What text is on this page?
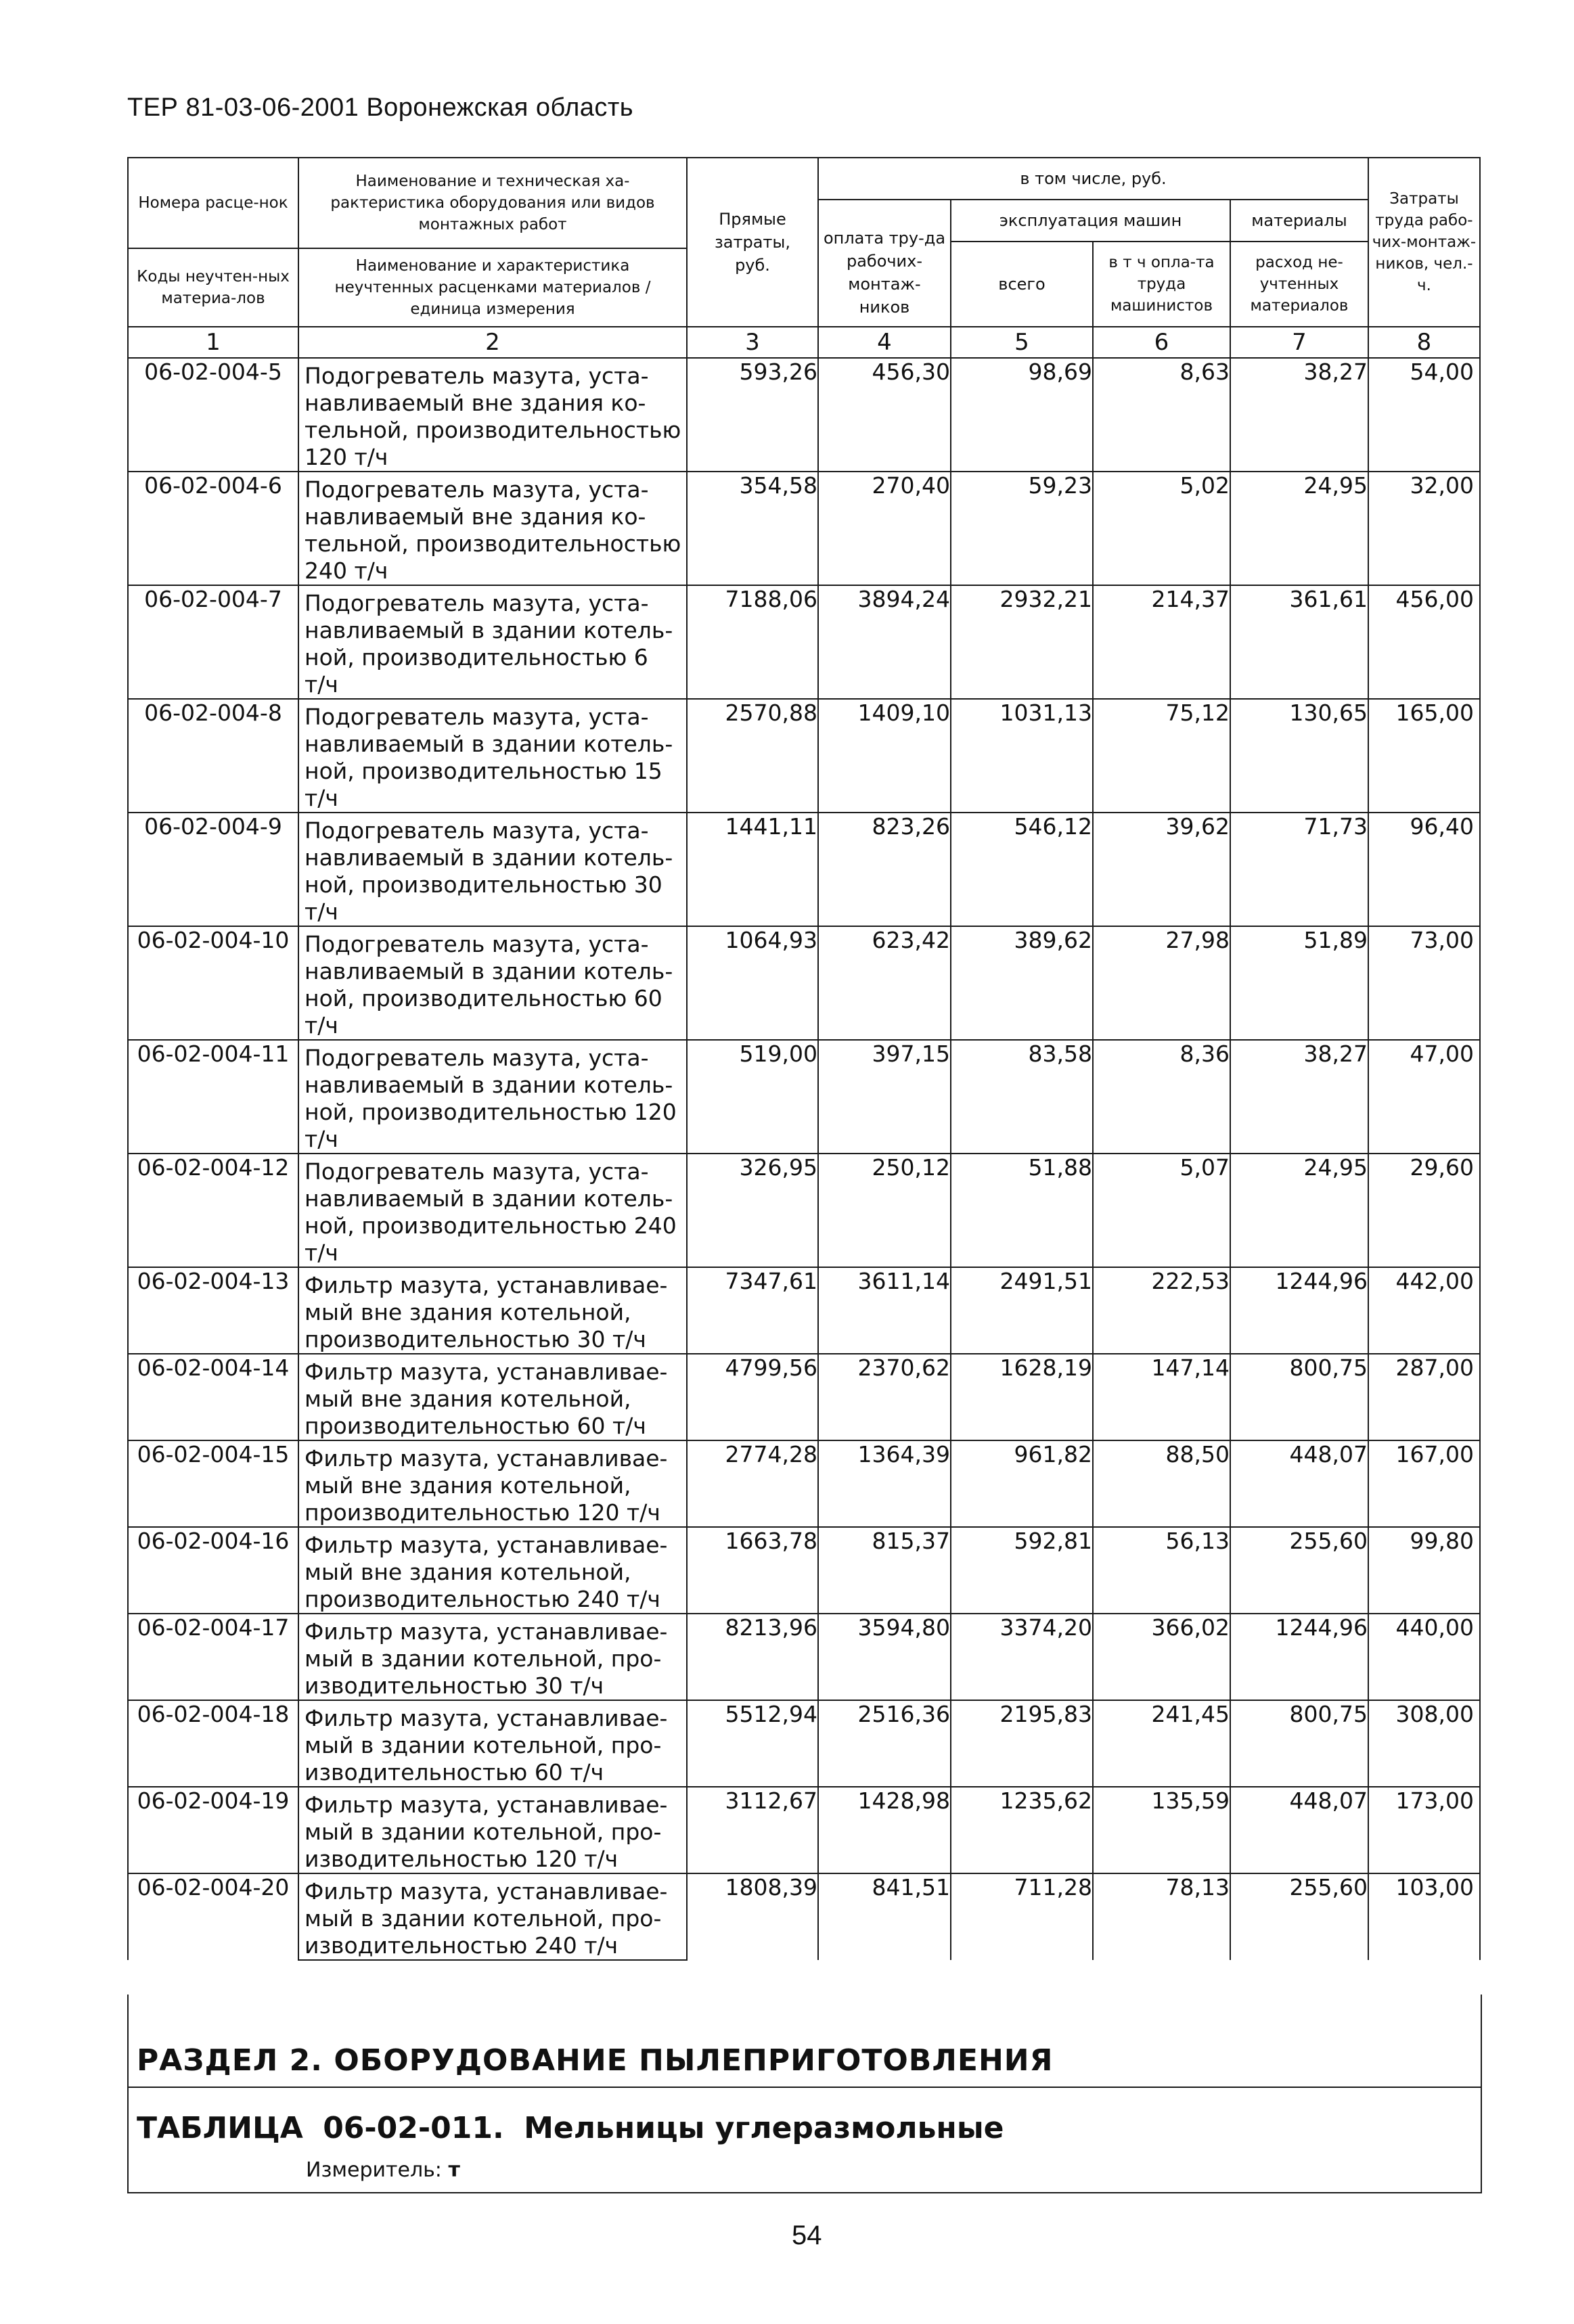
ТЕР 81-03-06-2001 Воронежская область
Номера расце-нок	Наименование и техническая ха-рактеристика оборудования или видов монтажных работ	Прямые затраты, руб.	в том числе, руб.				Затраты труда рабо-чих-монтаж-ников, чел.-ч.
			оплата тру-да рабочих-монтаж-ников	эксплуатация машин		материалы	
				всего	в т ч опла-та труда машинистов	расход не-учтенных материалов	
Коды неучтен-ных материа-лов	Наименование и характеристика неучтенных расценками материалов / единица измерения						

1	2	3	4	5	6	7	8
06-02-004-5	Подогреватель мазута, уста-	593,26	456,30	98,69	8,63	38,27	54,00
	навливаемый вне здания ко-						
	тельной, производительностью						
	120 т/ч						
06-02-004-6	Подогреватель мазута, уста-	354,58	270,40	59,23	5,02	24,95	32,00
	навливаемый вне здания ко-						
	тельной, производительностью						
	240 т/ч						
06-02-004-7	Подогреватель мазута, уста-	7188,06	3894,24	2932,21	214,37	361,61	456,00
	навливаемый в здании котель-						
	ной, производительностью 6						
	т/ч						
06-02-004-8	Подогреватель мазута, уста-	2570,88	1409,10	1031,13	75,12	130,65	165,00
	навливаемый в здании котель-						
	ной, производительностью 15						
	т/ч						
06-02-004-9	Подогреватель мазута, уста-	1441,11	823,26	546,12	39,62	71,73	96,40
	навливаемый в здании котель-						
	ной, производительностью 30						
	т/ч						
06-02-004-10	Подогреватель мазута, уста-	1064,93	623,42	389,62	27,98	51,89	73,00
	навливаемый в здании котель-						
	ной, производительностью 60						
	т/ч						
06-02-004-11	Подогреватель мазута, уста-	519,00	397,15	83,58	8,36	38,27	47,00
	навливаемый в здании котель-						
	ной, производительностью 120						
	т/ч						
06-02-004-12	Подогреватель мазута, уста-	326,95	250,12	51,88	5,07	24,95	29,60
	навливаемый в здании котель-						
	ной, производительностью 240						
	т/ч						
06-02-004-13	Фильтр мазута, устанавливае-	7347,61	3611,14	2491,51	222,53	1244,96	442,00
	мый вне здания котельной,						
	производительностью 30 т/ч						
06-02-004-14	Фильтр мазута, устанавливае-	4799,56	2370,62	1628,19	147,14	800,75	287,00
	мый вне здания котельной,						
	производительностью 60 т/ч						
06-02-004-15	Фильтр мазута, устанавливае-	2774,28	1364,39	961,82	88,50	448,07	167,00
	мый вне здания котельной,						
	производительностью 120 т/ч						
06-02-004-16	Фильтр мазута, устанавливае-	1663,78	815,37	592,81	56,13	255,60	99,80
	мый вне здания котельной,						
	производительностью 240 т/ч						
06-02-004-17	Фильтр мазута, устанавливае-	8213,96	3594,80	3374,20	366,02	1244,96	440,00
	мый в здании котельной, про-						
	изводительностью 30 т/ч						
06-02-004-18	Фильтр мазута, устанавливае-	5512,94	2516,36	2195,83	241,45	800,75	308,00
	мый в здании котельной, про-						
	изводительностью 60 т/ч						
06-02-004-19	Фильтр мазута, устанавливае-	3112,67	1428,98	1235,62	135,59	448,07	173,00
	мый в здании котельной, про-						
	изводительностью 120 т/ч						
06-02-004-20	Фильтр мазута, устанавливае-	1808,39	841,51	711,28	78,13	255,60	103,00
	мый в здании котельной, про-						
	изводительностью 240 т/ч						
РАЗДЕЛ 2. ОБОРУДОВАНИЕ ПЫЛЕПРИГОТОВЛЕНИЯ
ТАБЛИЦА 06-02-011. Мельницы углеразмольные
Измеритель: т
54
